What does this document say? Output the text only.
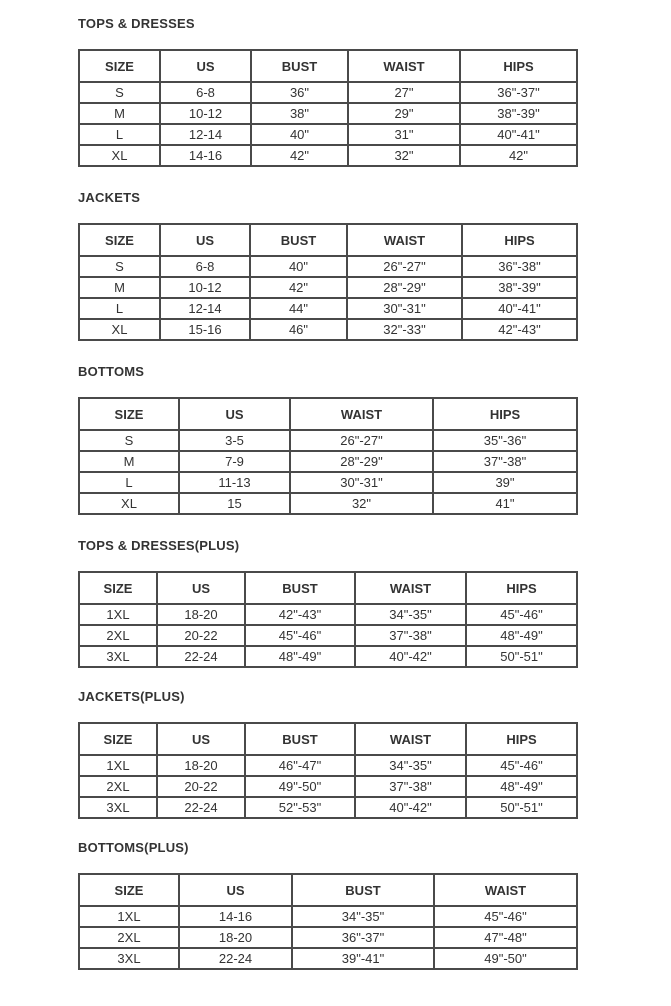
TOPS & DRESSES
SIZE	US	BUST	WAIST	HIPS
S	6-8	36"	27"	36"-37"
M	10-12	38"	29"	38"-39"
L	12-14	40"	31"	40"-41"
XL	14-16	42"	32"	42"
JACKETS
SIZE	US	BUST	WAIST	HIPS
S	6-8	40"	26"-27"	36"-38"
M	10-12	42"	28"-29"	38"-39"
L	12-14	44"	30"-31"	40"-41"
XL	15-16	46"	32"-33"	42"-43"
BOTTOMS
SIZE	US	WAIST	HIPS
S	3-5	26"-27"	35"-36"
M	7-9	28"-29"	37"-38"
L	11-13	30"-31"	39"
XL	15	32"	41"
TOPS & DRESSES(PLUS)
SIZE	US	BUST	WAIST	HIPS
1XL	18-20	42"-43"	34"-35"	45"-46"
2XL	20-22	45"-46"	37"-38"	48"-49"
3XL	22-24	48"-49"	40"-42"	50"-51"
JACKETS(PLUS)
SIZE	US	BUST	WAIST	HIPS
1XL	18-20	46"-47"	34"-35"	45"-46"
2XL	20-22	49"-50"	37"-38"	48"-49"
3XL	22-24	52"-53"	40"-42"	50"-51"
BOTTOMS(PLUS)
SIZE	US	BUST	WAIST
1XL	14-16	34"-35"	45"-46"
2XL	18-20	36"-37"	47"-48"
3XL	22-24	39"-41"	49"-50"
